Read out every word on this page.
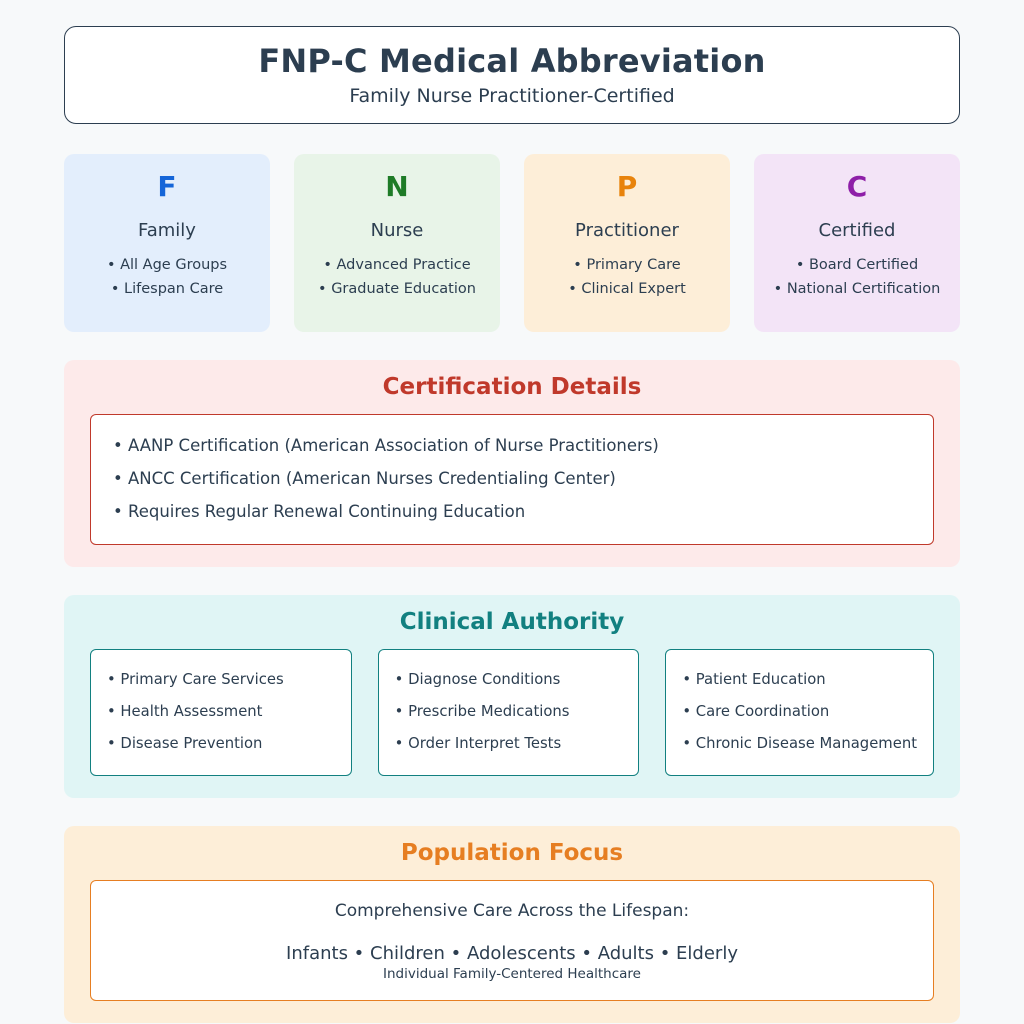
FNP-C Medical Abbreviation
Family Nurse Practitioner-Certified
F
Family
• All Age Groups
• Lifespan Care
N
Nurse
• Advanced Practice
• Graduate Education
P
Practitioner
• Primary Care
• Clinical Expert
C
Certified
• Board Certified
• National Certification
Certification Details
• AANP Certification (American Association of Nurse Practitioners)
• ANCC Certification (American Nurses Credentialing Center)
• Requires Regular Renewal Continuing Education
Clinical Authority
• Primary Care Services
• Health Assessment
• Disease Prevention
• Diagnose Conditions
• Prescribe Medications
• Order Interpret Tests
• Patient Education
• Care Coordination
• Chronic Disease Management
Population Focus
Comprehensive Care Across the Lifespan:
Infants • Children • Adolescents • Adults • Elderly
Individual Family-Centered Healthcare
